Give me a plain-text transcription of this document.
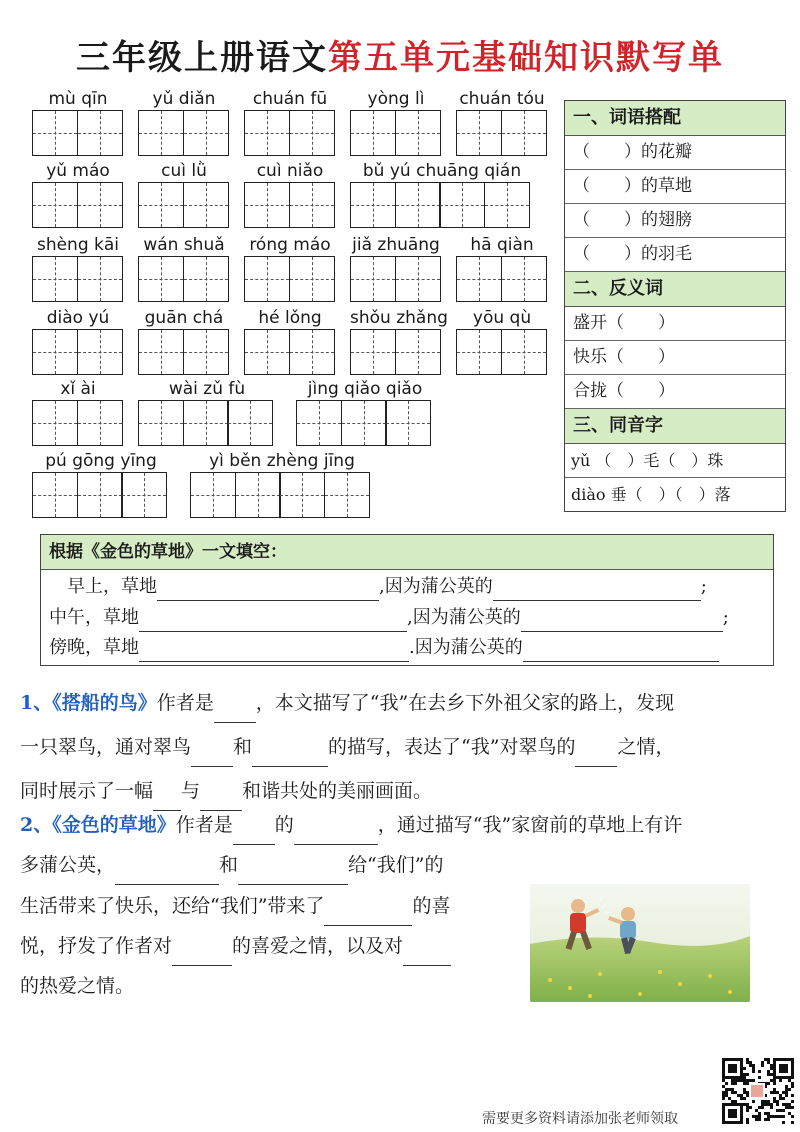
三年级上册语文第五单元基础知识默写单
mù qīn	yǔ diǎn	chuán fū	yòng lì	chuán tóu
yǔ máo	cuì lǜ	cuì niǎo	bǔ yú chuāng qián
shèng kāi	wán shuǎ	róng máo	jiǎ zhuāng	hā qiàn
diào yú	guān chá	hé lǒng	shǒu zhǎng	yōu qù
xǐ ài	wài zǔ fù	jìng qiǎo qiǎo
pú gōng yīng	yì běn zhèng jīng
一、词语搭配
（　　）的花瓣
（　　）的草地
（　　）的翅膀
（　　）的羽毛
二、反义词
盛开（　　）
快乐（　　）
合拢（　　）
三、同音字
yǔ （　）毛（　）珠
diào 垂（　）（　）落
根据《金色的草地》一文填空：
　早上，草地	,因为蒲公英的	;
中午，草地	,因为蒲公英的	;
傍晚，草地	.因为蒲公英的
1、《搭船的鸟》作者是 ，本文描写了“我”在去乡下外祖父家的路上，发现
一只翠鸟，通对翠鸟 和	的描写，表达了“我”对翠鸟的 之情，
同时展示了一幅 与 和谐共处的美丽画面。
2、《金色的草地》作者是 的	，通过描写“我”家窗前的草地上有许
多蒲公英，	和	给“我们”的
生活带来了快乐，还给“我们”带来了	的喜
悦，抒发了作者对	的喜爱之情，以及对
的热爱之情。
需要更多资料请添加张老师领取
